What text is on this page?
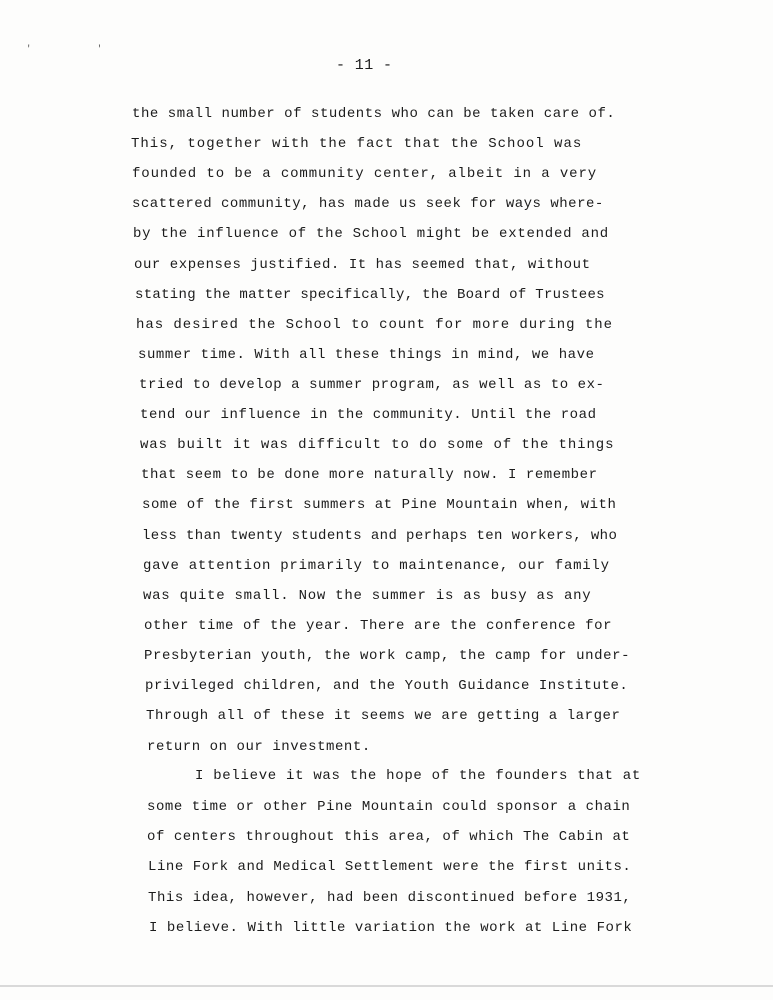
' '
- 11 -
the small number of students who can be taken care of.
This, together with the fact that the School was
founded to be a community center, albeit in a very
scattered community, has made us seek for ways where-
by the influence of the School might be extended and
our expenses justified. It has seemed that, without
stating the matter specifically, the Board of Trustees
has desired the School to count for more during the
summer time. With all these things in mind, we have
tried to develop a summer program, as well as to ex-
tend our influence in the community. Until the road
was built it was difficult to do some of the things
that seem to be done more naturally now. I remember
some of the first summers at Pine Mountain when, with
less than twenty students and perhaps ten workers, who
gave attention primarily to maintenance, our family
was quite small. Now the summer is as busy as any
other time of the year. There are the conference for
Presbyterian youth, the work camp, the camp for under-
privileged children, and the Youth Guidance Institute.
Through all of these it seems we are getting a larger
return on our investment.
I believe it was the hope of the founders that at
some time or other Pine Mountain could sponsor a chain
of centers throughout this area, of which The Cabin at
Line Fork and Medical Settlement were the first units.
This idea, however, had been discontinued before 1931,
I believe. With little variation the work at Line Fork
